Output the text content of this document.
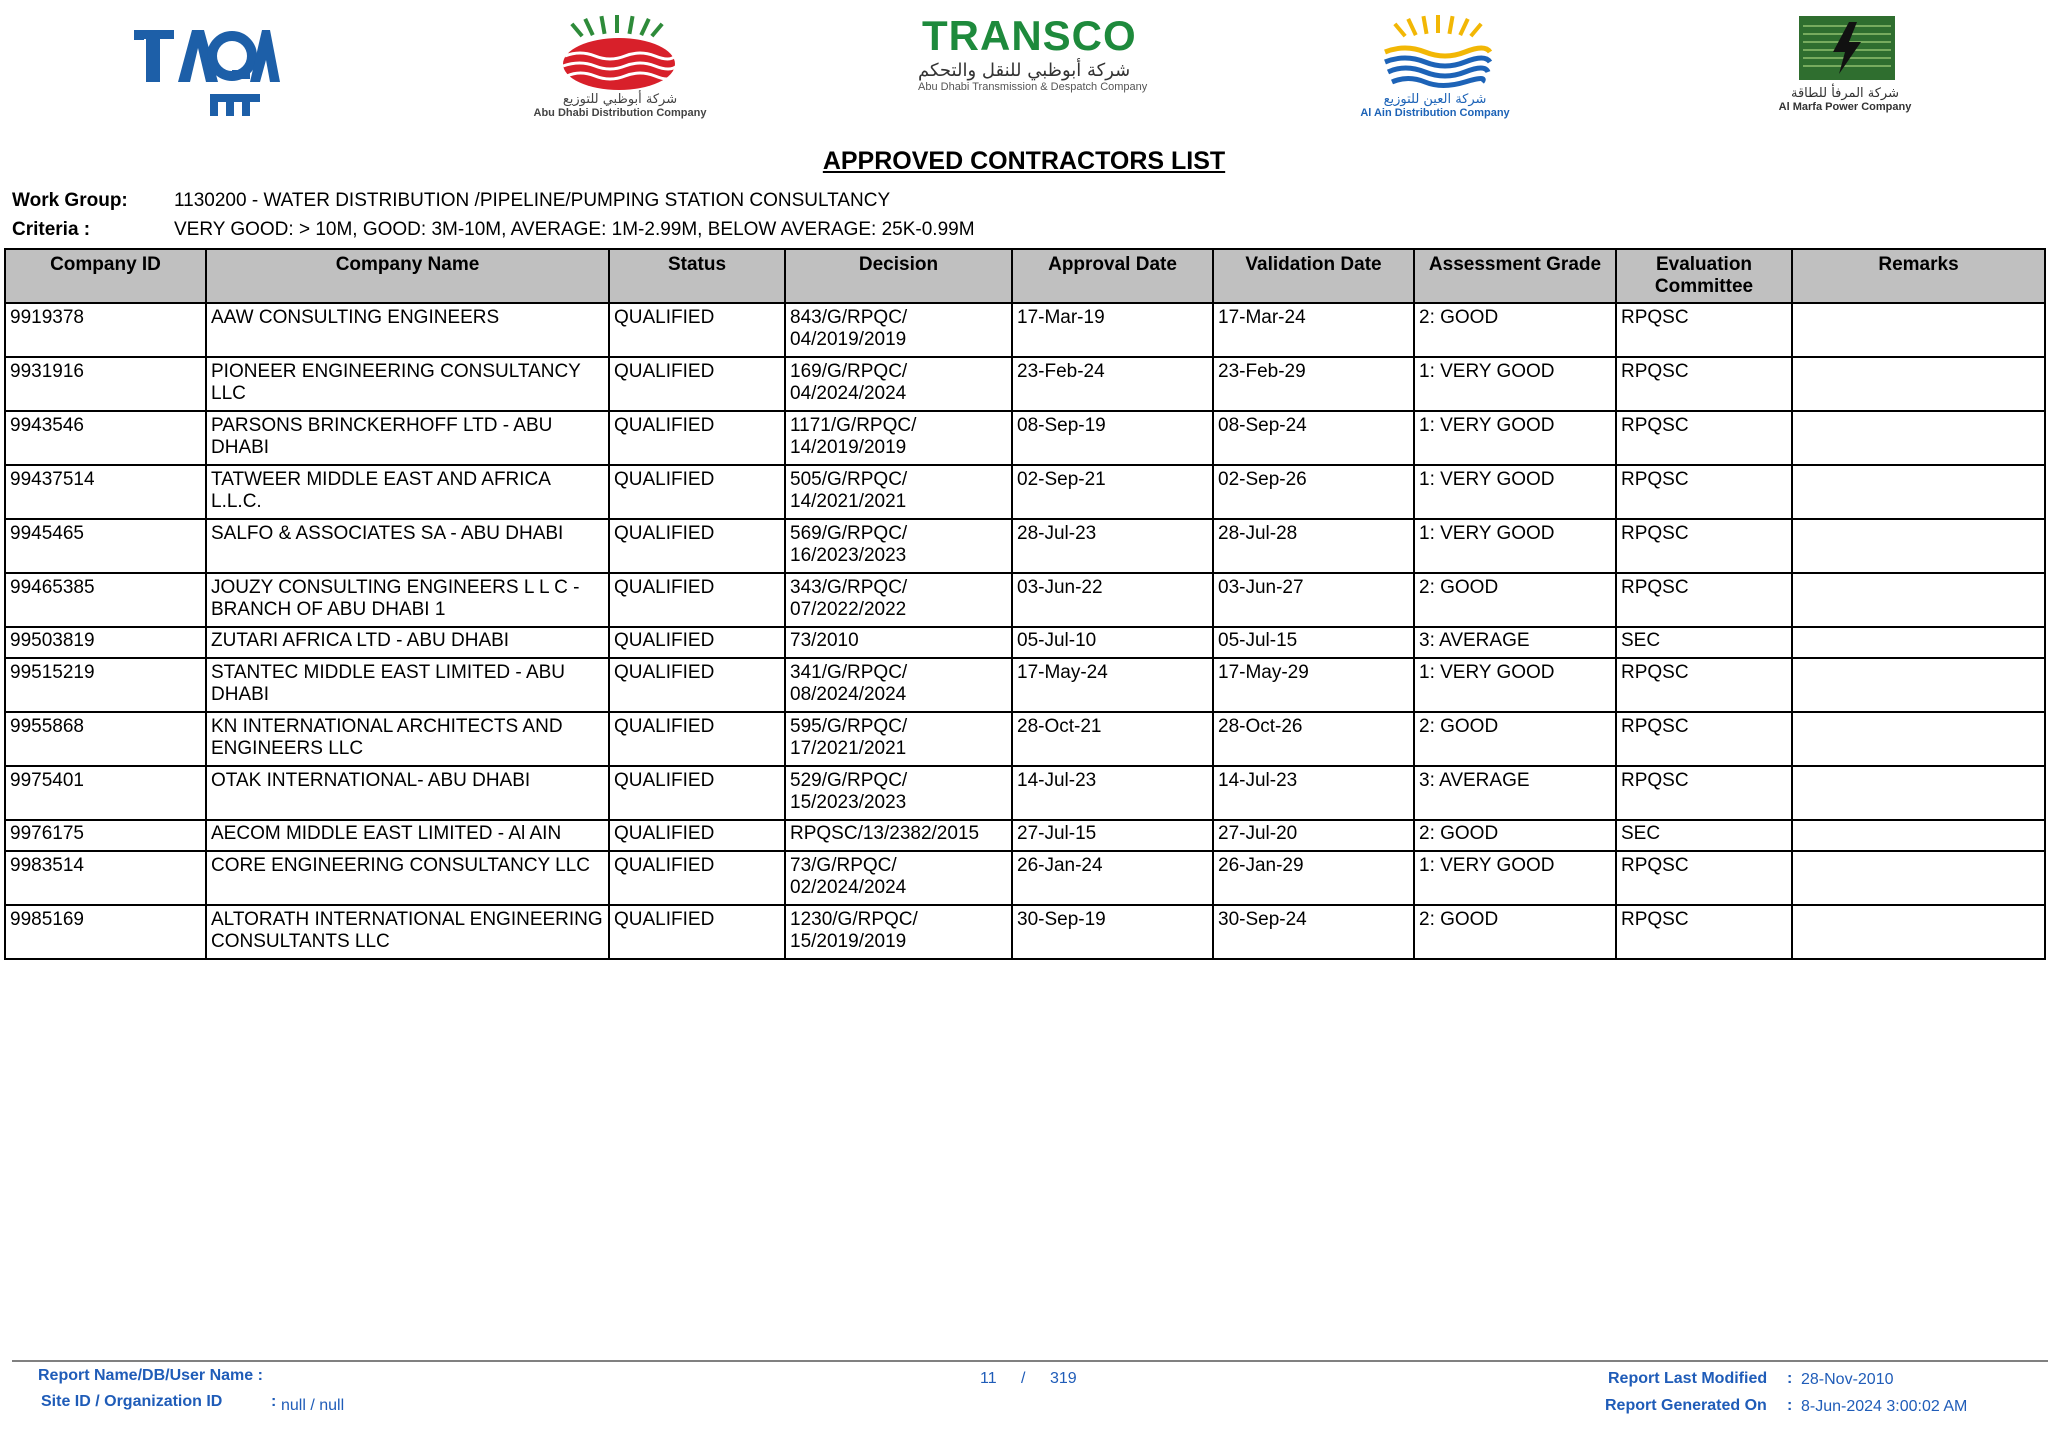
شركة أبوظبي للتوزيع
Abu Dhabi Distribution Company
TRANSCO
شركة أبوظبي للنقل والتحكم
Abu Dhabi Transmission & Despatch Company
شركة العين للتوزيع
Al Ain Distribution Company
شركة المرفأ للطاقة
Al Marfa Power Company
APPROVED CONTRACTORS LIST
Work Group: 1130200 - WATER DISTRIBUTION /PIPELINE/PUMPING STATION CONSULTANCY
Criteria :	VERY GOOD: > 10M, GOOD: 3M-10M, AVERAGE: 1M-2.99M, BELOW AVERAGE: 25K-0.99M
Company ID	Company Name	Status	Decision	Approval Date	Validation Date	Assessment Grade	Evaluation Committee	Remarks
9919378	AAW CONSULTING ENGINEERS	QUALIFIED	843/G/RPQC/ 04/2019/2019	17-Mar-19	17-Mar-24	2: GOOD	RPQSC	
9931916	PIONEER ENGINEERING CONSULTANCY LLC	QUALIFIED	169/G/RPQC/ 04/2024/2024	23-Feb-24	23-Feb-29	1: VERY GOOD	RPQSC	
9943546	PARSONS BRINCKERHOFF LTD - ABU DHABI	QUALIFIED	1171/G/RPQC/ 14/2019/2019	08-Sep-19	08-Sep-24	1: VERY GOOD	RPQSC	
99437514	TATWEER MIDDLE EAST AND AFRICA L.L.C.	QUALIFIED	505/G/RPQC/ 14/2021/2021	02-Sep-21	02-Sep-26	1: VERY GOOD	RPQSC	
9945465	SALFO & ASSOCIATES SA - ABU DHABI	QUALIFIED	569/G/RPQC/ 16/2023/2023	28-Jul-23	28-Jul-28	1: VERY GOOD	RPQSC	
99465385	JOUZY CONSULTING ENGINEERS L L C - BRANCH OF ABU DHABI 1	QUALIFIED	343/G/RPQC/ 07/2022/2022	03-Jun-22	03-Jun-27	2: GOOD	RPQSC	
99503819	ZUTARI AFRICA LTD - ABU DHABI	QUALIFIED	73/2010	05-Jul-10	05-Jul-15	3: AVERAGE	SEC	
99515219	STANTEC MIDDLE EAST LIMITED - ABU DHABI	QUALIFIED	341/G/RPQC/ 08/2024/2024	17-May-24	17-May-29	1: VERY GOOD	RPQSC	
9955868	KN INTERNATIONAL ARCHITECTS AND ENGINEERS LLC	QUALIFIED	595/G/RPQC/ 17/2021/2021	28-Oct-21	28-Oct-26	2: GOOD	RPQSC	
9975401	OTAK INTERNATIONAL- ABU DHABI	QUALIFIED	529/G/RPQC/ 15/2023/2023	14-Jul-23	14-Jul-23	3: AVERAGE	RPQSC	
9976175	AECOM MIDDLE EAST LIMITED - Al AIN	QUALIFIED	RPQSC/13/2382/2015	27-Jul-15	27-Jul-20	2: GOOD	SEC	
9983514	CORE ENGINEERING CONSULTANCY LLC	QUALIFIED	73/G/RPQC/ 02/2024/2024	26-Jan-24	26-Jan-29	1: VERY GOOD	RPQSC	
9985169	ALTORATH INTERNATIONAL ENGINEERING CONSULTANTS LLC	QUALIFIED	1230/G/RPQC/ 15/2019/2019	30-Sep-19	30-Sep-24	2: GOOD	RPQSC	
Report Name/DB/User Name :
Site ID / Organization ID	: null / null
11 / 319	Report Last Modified : 28-Nov-2010
Report Generated On : 8-Jun-2024 3:00:02 AM
